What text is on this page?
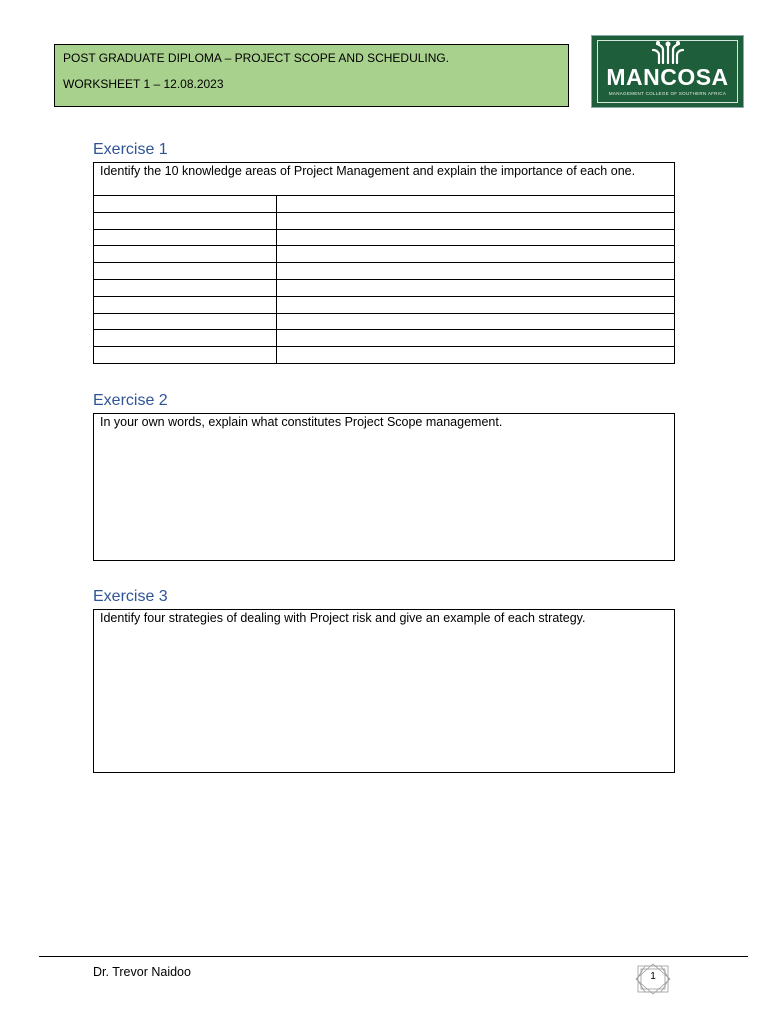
POST GRADUATE DIPLOMA – PROJECT SCOPE AND SCHEDULING.
WORKSHEET 1 – 12.08.2023	MANCOSA
MANAGEMENT COLLEGE OF SOUTHERN AFRICA
Exercise 1
Identify the 10 knowledge areas of Project Management and explain the importance of each one.

Exercise 2
In your own words, explain what constitutes Project Scope management.
Exercise 3
Identify four strategies of dealing with Project risk and give an example of each strategy.
Dr. Trevor Naidoo	1
